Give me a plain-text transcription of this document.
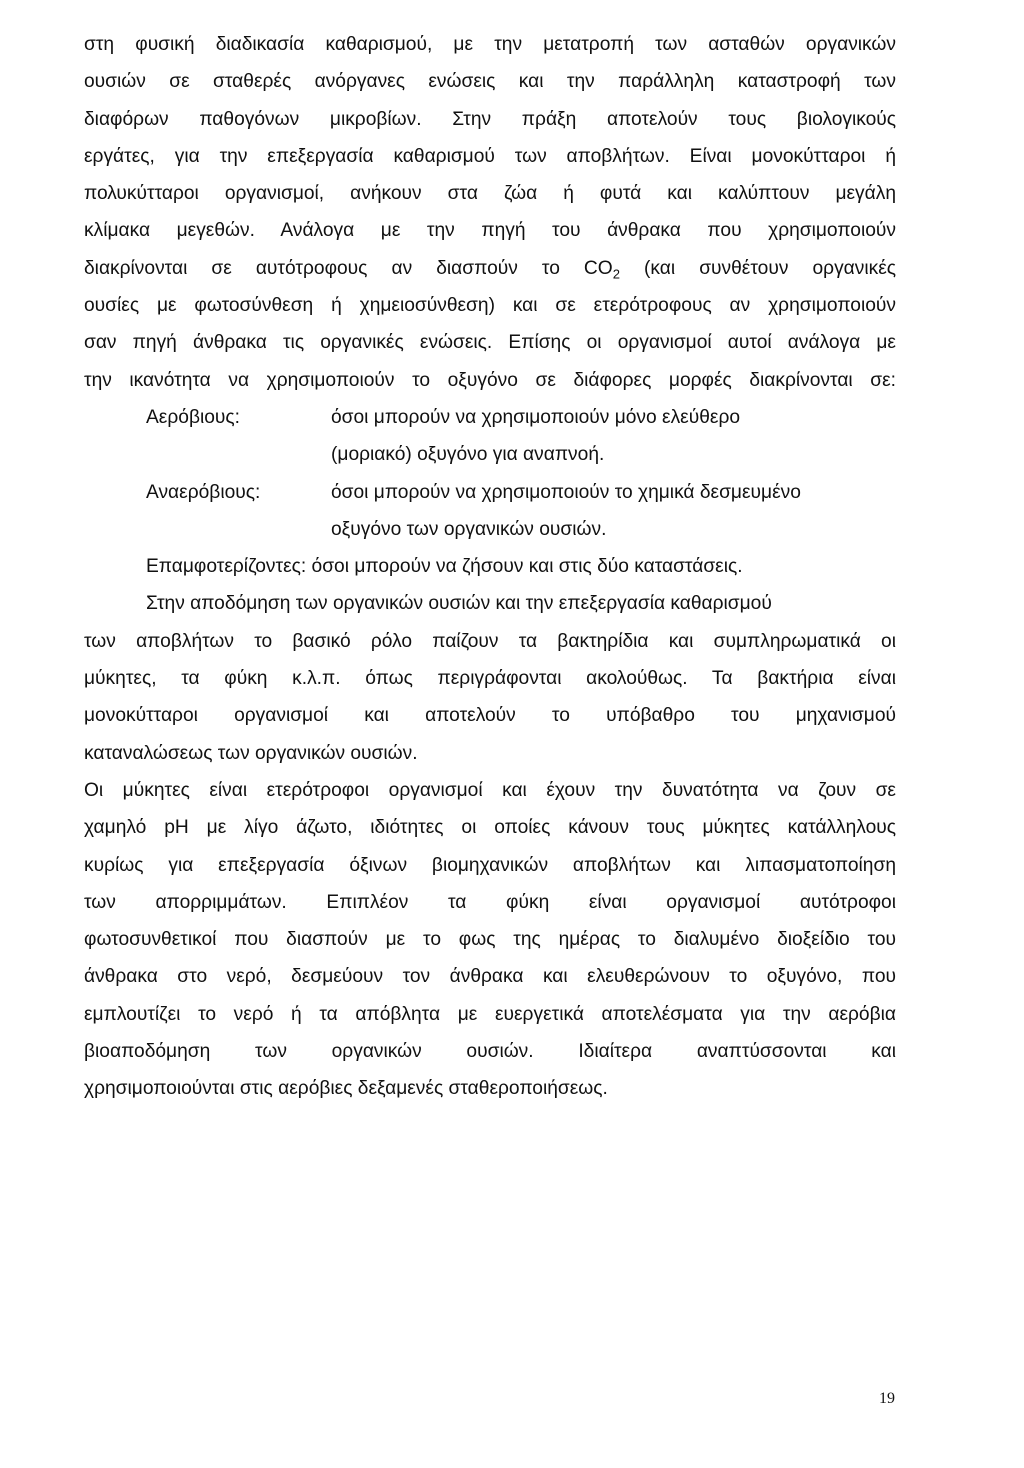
στη φυσική διαδικασία καθαρισμού, με την μετατροπή των ασταθών οργανικών
ουσιών σε σταθερές ανόργανες ενώσεις και την παράλληλη καταστροφή των
διαφόρων παθογόνων μικροβίων. Στην πράξη αποτελούν τους βιολογικούς
εργάτες, για την επεξεργασία καθαρισμού των αποβλήτων. Είναι μονοκύτταροι ή
πολυκύτταροι οργανισμοί, ανήκουν στα ζώα ή φυτά και καλύπτουν μεγάλη
κλίμακα μεγεθών. Ανάλογα με την πηγή του άνθρακα που χρησιμοποιούν
διακρίνονται σε αυτότροφους αν διασπούν το $CO_2$ (και συνθέτουν οργανικές
ουσίες με φωτοσύνθεση ή χημειοσύνθεση) και σε ετερότροφους αν χρησιμοποιούν
σαν πηγή άνθρακα τις οργανικές ενώσεις. Επίσης οι οργανισμοί αυτοί ανάλογα με
την ικανότητα να χρησιμοποιούν το οξυγόνο σε διάφορες μορφές διακρίνονται σε:
Αερόβιους:	όσοι μπορούν να χρησιμοποιούν μόνο ελεύθερο
(μοριακό) οξυγόνο για αναπνοή.
Αναερόβιους:	όσοι μπορούν να χρησιμοποιούν το χημικά δεσμευμένο
οξυγόνο των οργανικών ουσιών.
Επαμφοτερίζοντες: όσοι μπορούν να ζήσουν και στις δύο καταστάσεις.
Στην αποδόμηση των οργανικών ουσιών και την επεξεργασία καθαρισμού
των αποβλήτων το βασικό ρόλο παίζουν τα βακτηρίδια και συμπληρωματικά οι
μύκητες, τα φύκη κ.λ.π. όπως περιγράφονται ακολούθως. Τα βακτήρια είναι
μονοκύτταροι οργανισμοί και αποτελούν το υπόβαθρο του μηχανισμού
καταναλώσεως των οργανικών ουσιών.
Οι μύκητες είναι ετερότροφοι οργανισμοί και έχουν την δυνατότητα να ζουν σε
χαμηλό pH με λίγο άζωτο, ιδιότητες οι οποίες κάνουν τους μύκητες κατάλληλους
κυρίως για επεξεργασία όξινων βιομηχανικών αποβλήτων και λιπασματοποίηση
των απορριμμάτων. Επιπλέον τα φύκη είναι οργανισμοί αυτότροφοι
φωτοσυνθετικοί που διασπούν με το φως της ημέρας το διαλυμένο διοξείδιο του
άνθρακα στο νερό, δεσμεύουν τον άνθρακα και ελευθερώνουν το οξυγόνο, που
εμπλουτίζει το νερό ή τα απόβλητα με ευεργετικά αποτελέσματα για την αερόβια
βιοαποδόμηση των οργανικών ουσιών. Ιδιαίτερα αναπτύσσονται και
χρησιμοποιούνται στις αερόβιες δεξαμενές σταθεροποιήσεως.
19
